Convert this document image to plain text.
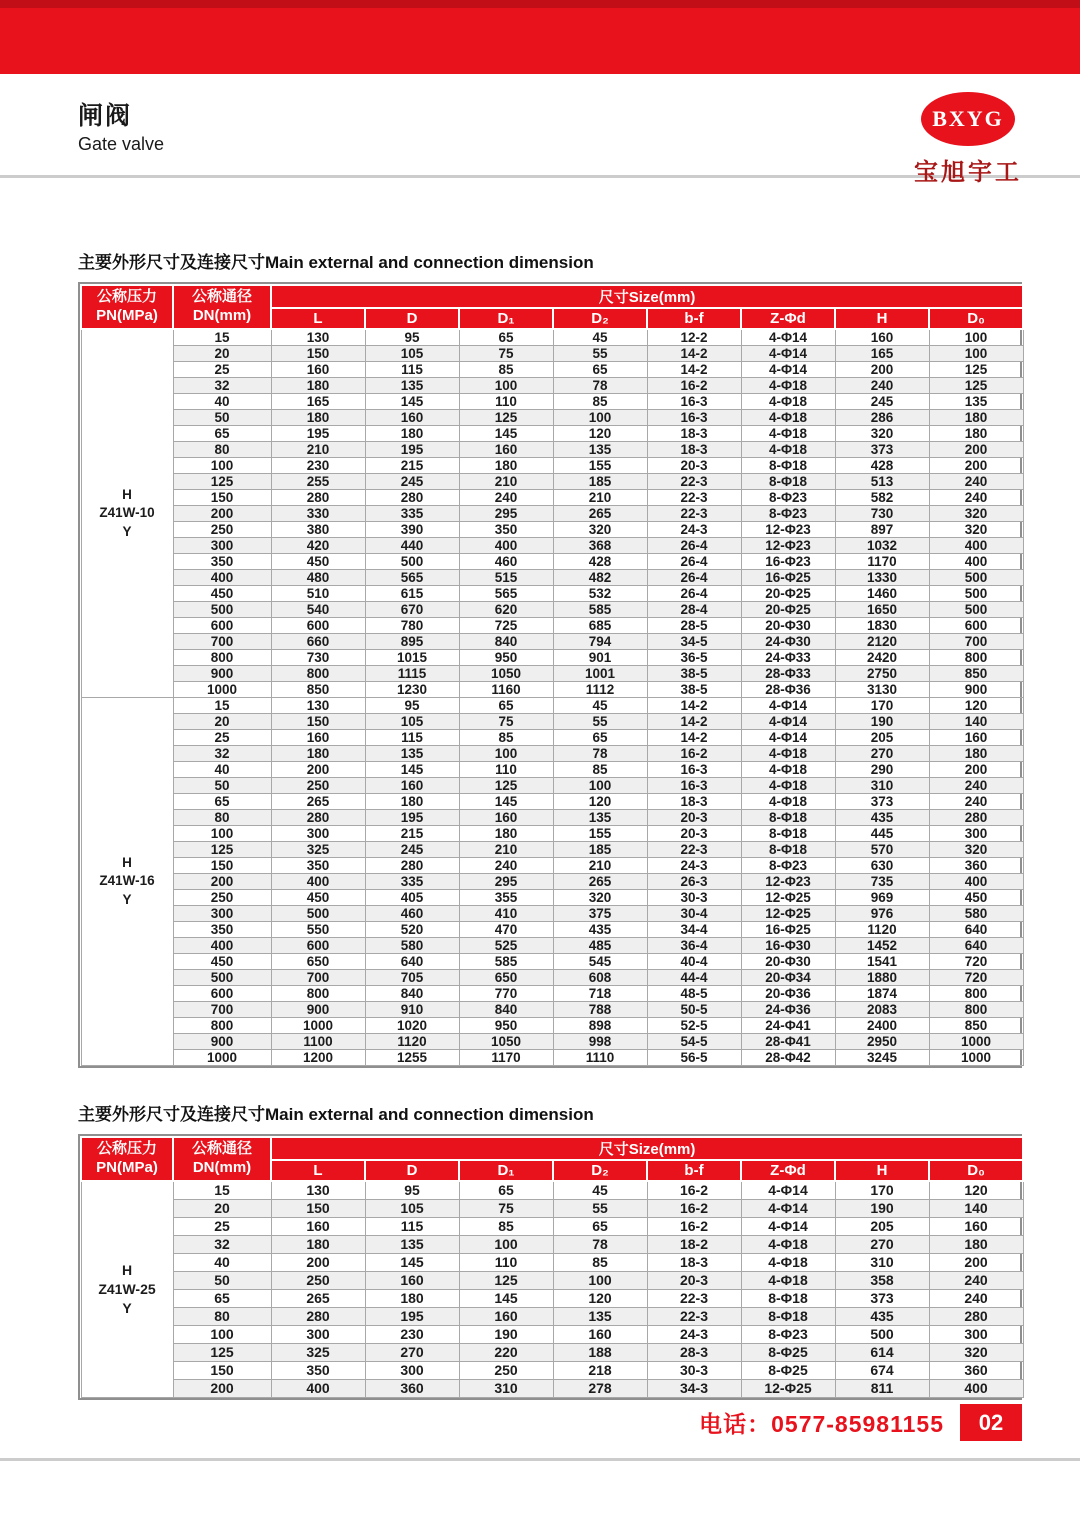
闸阀
Gate valve
BXYG
宝旭宇工
主要外形尺寸及连接尺寸Main external and connection dimension
公称压力
PN(MPa)

公称通径
DN(mm)
	尺寸Size(mm)
		L	D	D₁	D₂	b-f	Z-Φd	H	D₀

H
Z41W-10
Y	15	130	95	65	45	12-2	4-Φ14	160	100
	20	150	105	75	55	14-2	4-Φ14	165	100
	25	160	115	85	65	14-2	4-Φ14	200	125
	32	180	135	100	78	16-2	4-Φ18	240	125
	40	165	145	110	85	16-3	4-Φ18	245	135
	50	180	160	125	100	16-3	4-Φ18	286	180
	65	195	180	145	120	18-3	4-Φ18	320	180
	80	210	195	160	135	18-3	4-Φ18	373	200
	100	230	215	180	155	20-3	8-Φ18	428	200
	125	255	245	210	185	22-3	8-Φ18	513	240
	150	280	280	240	210	22-3	8-Φ23	582	240
	200	330	335	295	265	22-3	8-Φ23	730	320
	250	380	390	350	320	24-3	12-Φ23	897	320
	300	420	440	400	368	26-4	12-Φ23	1032	400
	350	450	500	460	428	26-4	16-Φ23	1170	400
	400	480	565	515	482	26-4	16-Φ25	1330	500
	450	510	615	565	532	26-4	20-Φ25	1460	500
	500	540	670	620	585	28-4	20-Φ25	1650	500
	600	600	780	725	685	28-5	20-Φ30	1830	600
	700	660	895	840	794	34-5	24-Φ30	2120	700
	800	730	1015	950	901	36-5	24-Φ33	2420	800
	900	800	1115	1050	1001	38-5	28-Φ33	2750	850
	1000	850	1230	1160	1112	38-5	28-Φ36	3130	900

H
Z41W-16
Y	15	130	95	65	45	14-2	4-Φ14	170	120
	20	150	105	75	55	14-2	4-Φ14	190	140
	25	160	115	85	65	14-2	4-Φ14	205	160
	32	180	135	100	78	16-2	4-Φ18	270	180
	40	200	145	110	85	16-3	4-Φ18	290	200
	50	250	160	125	100	16-3	4-Φ18	310	240
	65	265	180	145	120	18-3	4-Φ18	373	240
	80	280	195	160	135	20-3	8-Φ18	435	280
	100	300	215	180	155	20-3	8-Φ18	445	300
	125	325	245	210	185	22-3	8-Φ18	570	320
	150	350	280	240	210	24-3	8-Φ23	630	360
	200	400	335	295	265	26-3	12-Φ23	735	400
	250	450	405	355	320	30-3	12-Φ25	969	450
	300	500	460	410	375	30-4	12-Φ25	976	580
	350	550	520	470	435	34-4	16-Φ25	1120	640
	400	600	580	525	485	36-4	16-Φ30	1452	640
	450	650	640	585	545	40-4	20-Φ30	1541	720
	500	700	705	650	608	44-4	20-Φ34	1880	720
	600	800	840	770	718	48-5	20-Φ36	1874	800
	700	900	910	840	788	50-5	24-Φ36	2083	800
	800	1000	1020	950	898	52-5	24-Φ41	2400	850
	900	1100	1120	1050	998	54-5	28-Φ41	2950	1000
	1000	1200	1255	1170	1110	56-5	28-Φ42	3245	1000
主要外形尺寸及连接尺寸Main external and connection dimension
公称压力
PN(MPa)

公称通径
DN(mm)
	尺寸Size(mm)
		L	D	D₁	D₂	b-f	Z-Φd	H	D₀

H
Z41W-25
Y	15	130	95	65	45	16-2	4-Φ14	170	120
	20	150	105	75	55	16-2	4-Φ14	190	140
	25	160	115	85	65	16-2	4-Φ14	205	160
	32	180	135	100	78	18-2	4-Φ18	270	180
	40	200	145	110	85	18-3	4-Φ18	310	200
	50	250	160	125	100	20-3	4-Φ18	358	240
	65	265	180	145	120	22-3	8-Φ18	373	240
	80	280	195	160	135	22-3	8-Φ18	435	280
	100	300	230	190	160	24-3	8-Φ23	500	300
	125	325	270	220	188	28-3	8-Φ25	614	320
	150	350	300	250	218	30-3	8-Φ25	674	360
	200	400	360	310	278	34-3	12-Φ25	811	400
电话：0577-85981155	02
